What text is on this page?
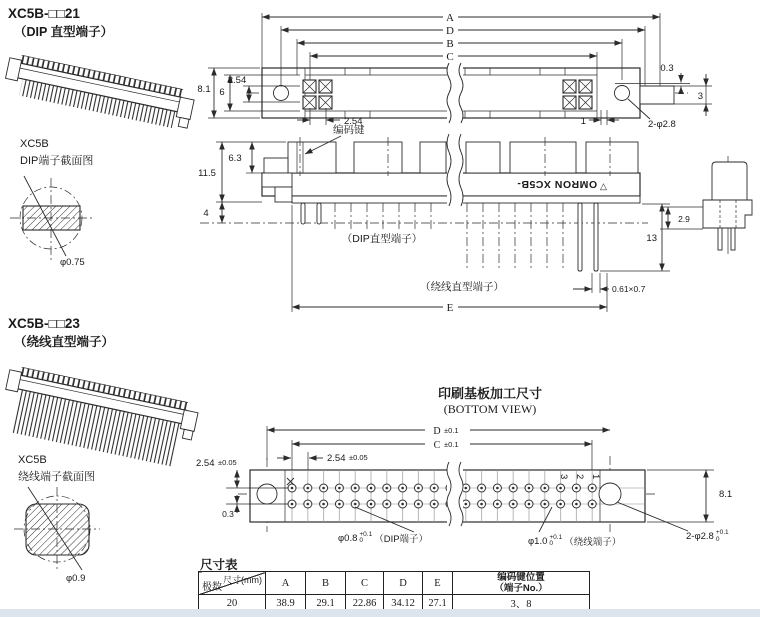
XC5B-□□21
（DIP 直型端子）
XC5B-□□23
（绕线直型端子）
XC5B
DIP端子截面图
φ0.75
XC5B
绕线端子截面图
φ0.9
A
D
B
C
8.1 6
2.54
2.54
0.3
3
1	2-φ2.8
OMRON XC5B- △
编码键
6.3
11.5
4
13
0.61×0.7
E
（DIP直型端子）
（绕线直型端子）
2.9
印刷基板加工尺寸
(BOTTOM VIEW)
3 2 1
D ±0.1
C ±0.1
2.54 ±0.05
2.54 ±0.05
0.3
8.1
φ0.8 +0.1
0	（DIP端子）	φ1.0 +0.1
0	（绕线端子）
2-φ2.8 +0.1
0
尺寸表
尺寸(mm)
极数	A	B	C	D	E	编码键位置
（端子No.）

20	38.9	29.1	22.86	34.12	27.1	3、8
